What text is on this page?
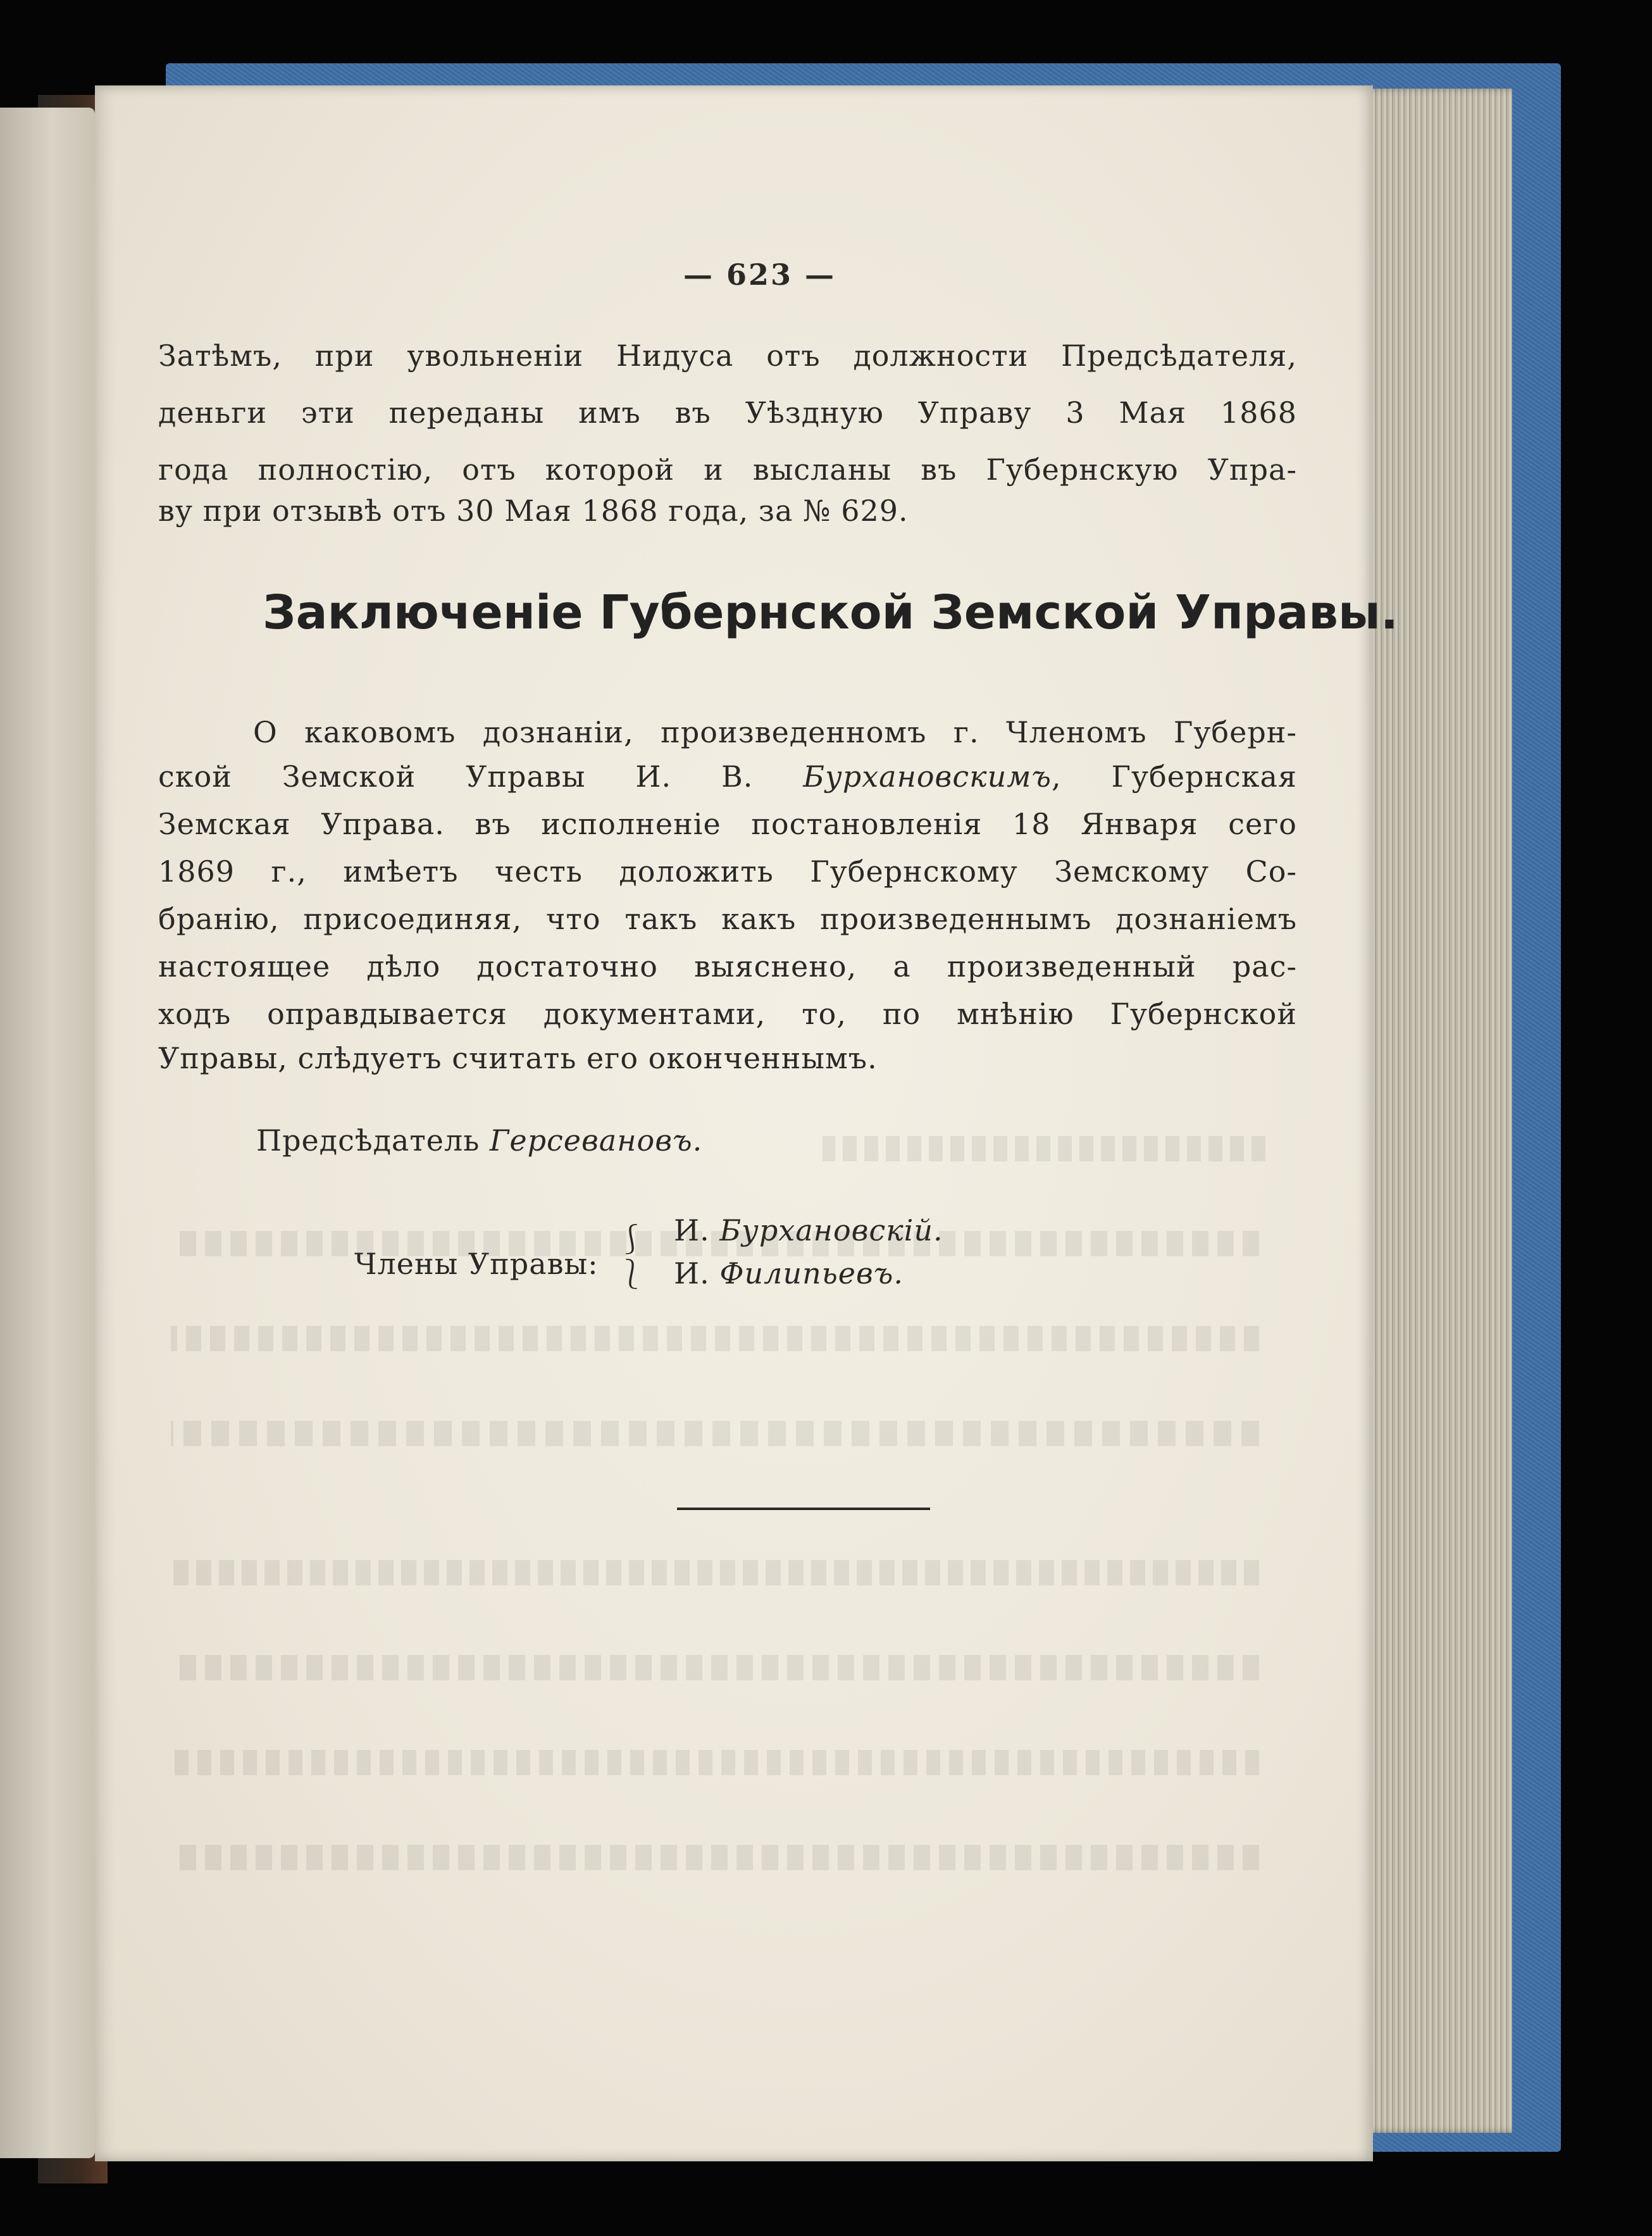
— 623 —

Затѣмъ, при увольненіи Нидуса отъ должности Предсѣдателя,

деньги эти переданы имъ въ Уѣздную Управу 3 Мая 1868

года полностію, отъ которой и высланы въ Губернскую Упра-

ву при отзывѣ отъ 30 Мая 1868 года, за № 629.

Заключеніе Губернской Земской Управы.

О каковомъ дознаніи, произведенномъ г. Членомъ Губерн-

ской Земской Управы И. В. Бурхановскимъ, Губернская

Земская Управа. въ исполненіе постановленія 18 Января сего

1869 г., имѣетъ честь доложить Губернскому Земскому Со-

бранію, присоединяя, что такъ какъ произведеннымъ дознаніемъ

настоящее дѣло достаточно выяснено, а произведенный рас-

ходъ оправдывается документами, то, по мнѣнію Губернской

Управы, слѣдуетъ считать его оконченнымъ.

Предсѣдатель Герсевановъ.

Члены Управы:

⎰
⎱

И. Бурхановскій.

И. Филипьевъ.
